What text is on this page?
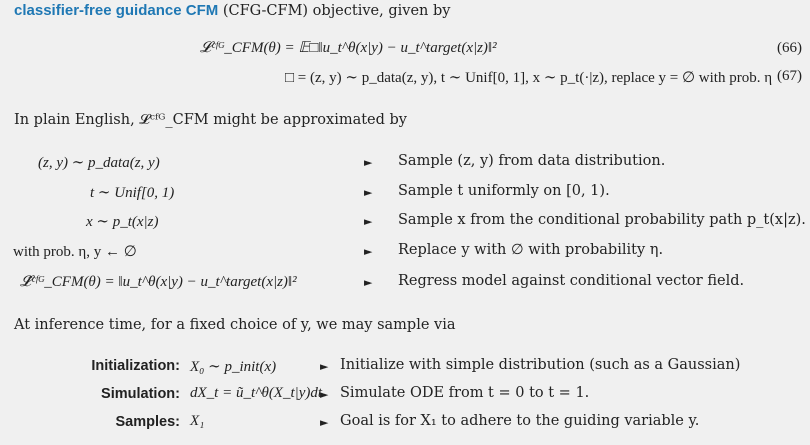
classifier-free guidance CFM (CFG-CFM) objective, given by
𝓛ᶜᶠᴳ_CFM(θ) = 𝔼□‖u_t^θ(x|y) − u_t^target(x|z)‖²	(66)
□ = (z, y) ∼ p_data(z, y), t ∼ Unif[0, 1], x ∼ p_t(·|z), replace y = ∅ with prob. η (67)
In plain English, 𝓛ᶜᶠᴳ_CFM might be approximated by
(z, y) ∼ p_data(z, y)
t ∼ Unif[0, 1)
x ∼ p_t(x|z)
with prob. η, y ← ∅
𝓛̂ᶜᶠᴳ_CFM(θ) = ‖u_t^θ(x|y) − u_t^target(x|z)‖²
►
►
►
►
►
Sample (z, y) from data distribution.
Sample t uniformly on [0, 1).
Sample x from the conditional probability path p_t(x|z).
Replace y with ∅ with probability η.
Regress model against conditional vector field.
At inference time, for a fixed choice of y, we may sample via
Initialization:
Simulation:
Samples:
X₀ ∼ p_init(x)
dX_t = ũ_t^θ(X_t|y)dt
X₁
►
►
►
Initialize with simple distribution (such as a Gaussian)
Simulate ODE from t = 0 to t = 1.
Goal is for X₁ to adhere to the guiding variable y.
